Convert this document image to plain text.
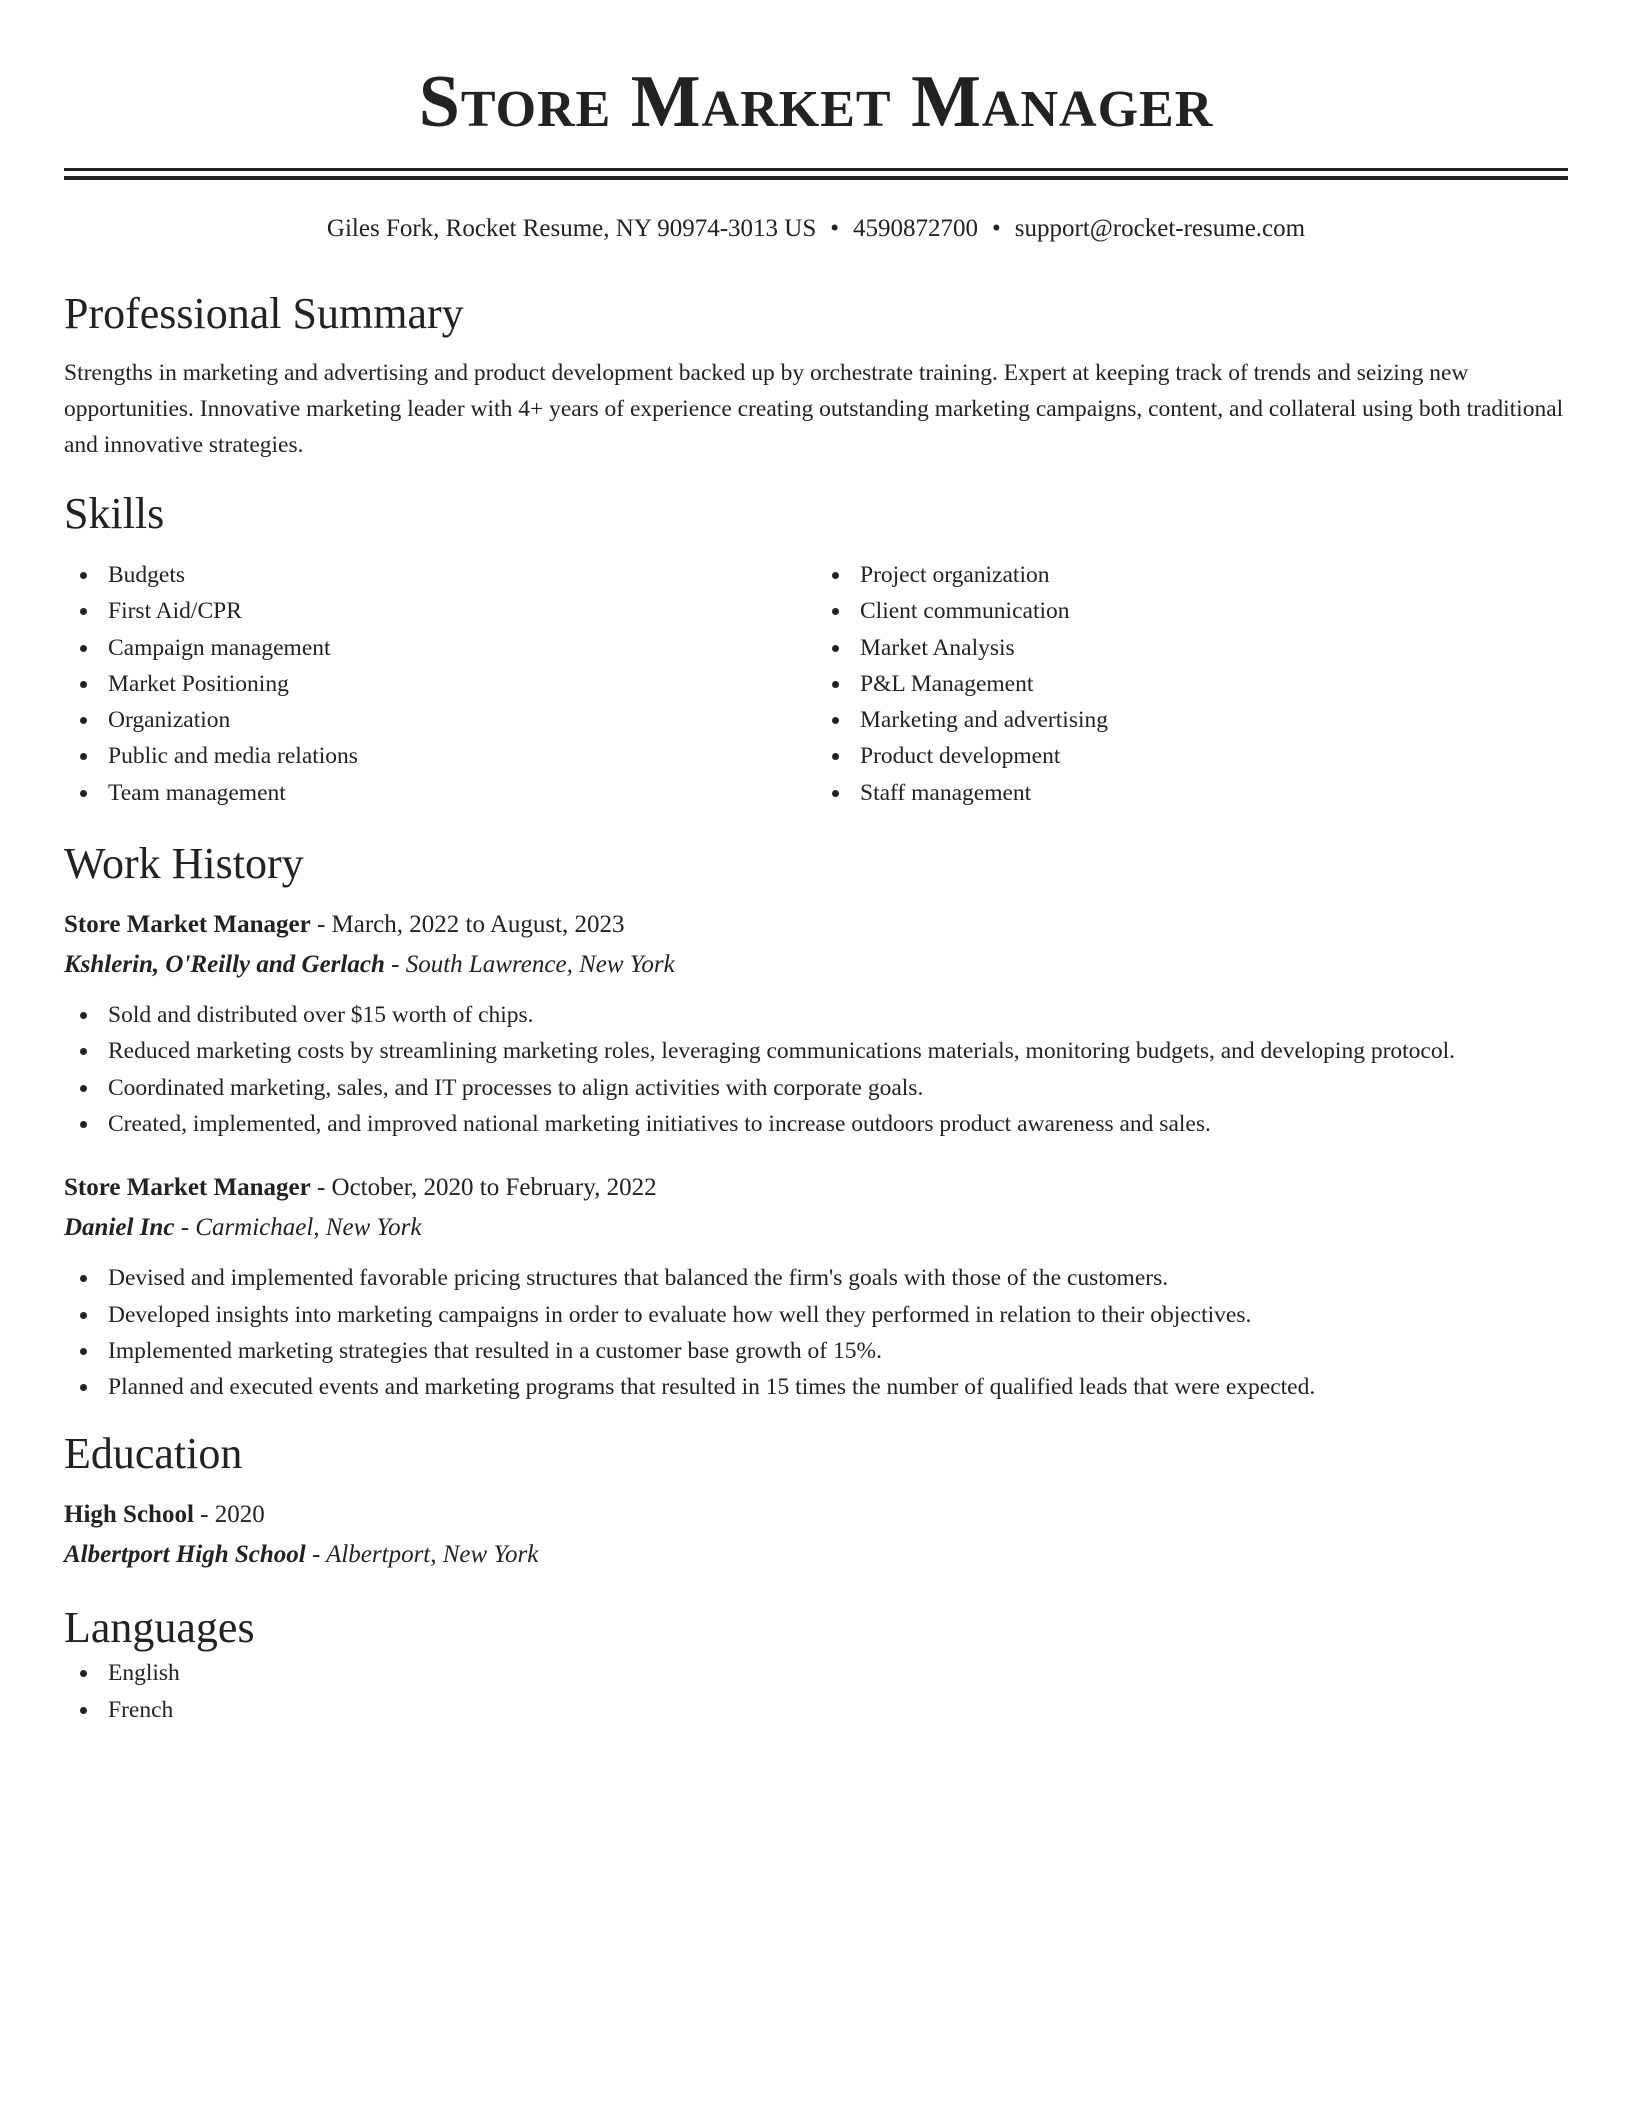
Store Market Manager
Giles Fork, Rocket Resume, NY 90974-3013 US • 4590872700 • support@rocket-resume.com
Professional Summary
Strengths in marketing and advertising and product development backed up by orchestrate training. Expert at keeping track of trends and seizing new opportunities. Innovative marketing leader with 4+ years of experience creating outstanding marketing campaigns, content, and collateral using both traditional and innovative strategies.
Skills
Budgets
First Aid/CPR
Campaign management
Market Positioning
Organization
Public and media relations
Team management
Project organization
Client communication
Market Analysis
P&L Management
Marketing and advertising
Product development
Staff management
Work History
Store Market Manager - March, 2022 to August, 2023
Kshlerin, O'Reilly and Gerlach - South Lawrence, New York
Sold and distributed over $15 worth of chips.
Reduced marketing costs by streamlining marketing roles, leveraging communications materials, monitoring budgets, and developing protocol.
Coordinated marketing, sales, and IT processes to align activities with corporate goals.
Created, implemented, and improved national marketing initiatives to increase outdoors product awareness and sales.
Store Market Manager - October, 2020 to February, 2022
Daniel Inc - Carmichael, New York
Devised and implemented favorable pricing structures that balanced the firm's goals with those of the customers.
Developed insights into marketing campaigns in order to evaluate how well they performed in relation to their objectives.
Implemented marketing strategies that resulted in a customer base growth of 15%.
Planned and executed events and marketing programs that resulted in 15 times the number of qualified leads that were expected.
Education
High School - 2020
Albertport High School - Albertport, New York
Languages
English
French
